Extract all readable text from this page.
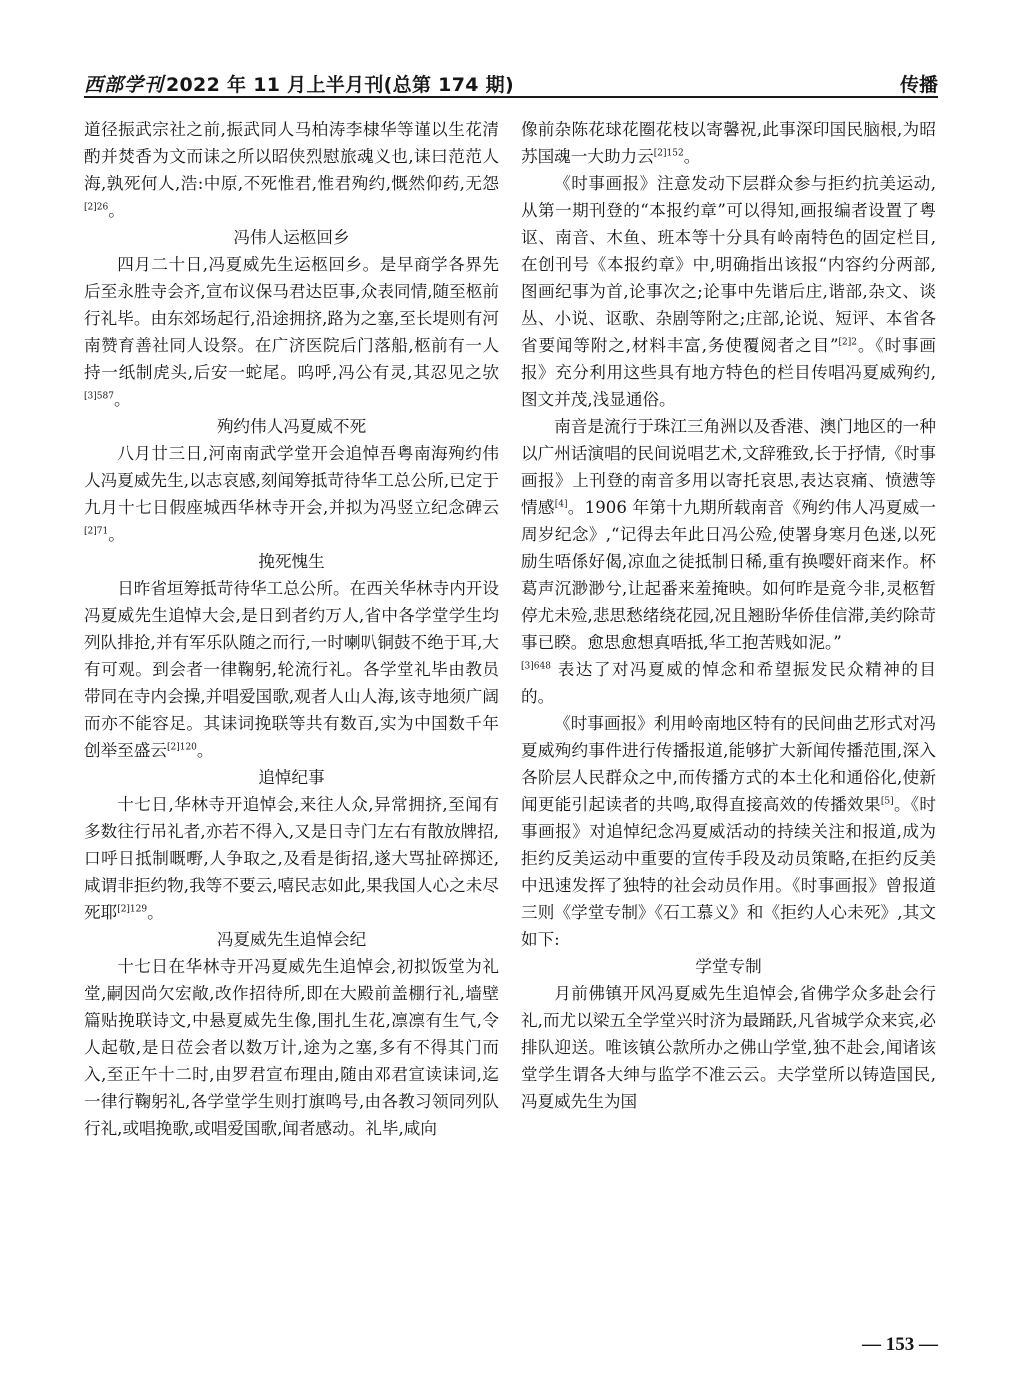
西部学刊 2022 年 11 月上半月刊(总第 174 期)	传播

道径振武宗社之前,振武同人马柏涛李棣华等谨以生花清酌并焚香为文而诔之所以昭侠烈慰旅魂义也,诔曰范范人海,孰死何人,浩:中原,不死惟君,惟君殉约,慨然仰药,无怨$^{[2]26}$。

冯伟人运柩回乡

四月二十日,冯夏威先生运柩回乡。是早商学各界先后至永胜寺会齐,宣布议保马君达臣事,众表同情,随至柩前行礼毕。由东郊场起行,沿途拥挤,路为之塞,至长堤则有河南赞育善社同人设祭。在广济医院后门落船,柩前有一人持一纸制虎头,后安一蛇尾。呜呼,冯公有灵,其忍见之欤$^{[3]587}$。

殉约伟人冯夏威不死

八月廿三日,河南南武学堂开会追悼吾粤南海殉约伟人冯夏威先生,以志哀感,刻闻筹抵苛待华工总公所,已定于九月十七日假座城西华林寺开会,并拟为冯竖立纪念碑云$^{[2]71}$。

挽死愧生

日昨省垣筹抵苛待华工总公所。在西关华林寺内开设冯夏威先生追悼大会,是日到者约万人,省中各学堂学生均列队排抢,并有军乐队随之而行,一时喇叭铜鼓不绝于耳,大有可观。到会者一律鞠躬,轮流行礼。各学堂礼毕由教员带同在寺内会操,并唱爱国歌,观者人山人海,该寺地须广阔而亦不能容足。其诔词挽联等共有数百,实为中国数千年创举至盛云$^{[2]120}$。

追悼纪事

十七日,华林寺开追悼会,来往人众,异常拥挤,至闻有多数往行吊礼者,亦若不得入,又是日寺门左右有散放牌招,口呼日抵制嘅嘢,人争取之,及看是街招,遂大骂扯碎掷还,咸谓非拒约物,我等不要云,嘻民志如此,果我国人心之未尽死耶$^{[2]129}$。

冯夏威先生追悼会纪

十七日在华林寺开冯夏威先生追悼会,初拟饭堂为礼堂,嗣因尚欠宏敞,改作招待所,即在大殿前盖棚行礼,墙壁篇贴挽联诗文,中悬夏威先生像,围扎生花,凛凛有生气,令人起敬,是日莅会者以数万计,途为之塞,多有不得其门而入,至正午十二时,由罗君宣布理由,随由邓君宣读诔词,迄一律行鞠躬礼,各学堂学生则打旗鸣号,由各教习领同列队行礼,或唱挽歌,或唱爱国歌,闻者感动。礼毕,咸向

像前杂陈花球花圈花枝以寄馨祝,此事深印国民脑根,为昭苏国魂一大助力云$^{[2]152}$。

《时事画报》注意发动下层群众参与拒约抗美运动,从第一期刊登的“本报约章”可以得知,画报编者设置了粤讴、南音、木鱼、班本等十分具有岭南特色的固定栏目,在创刊号《本报约章》中,明确指出该报“内容约分两部,图画纪事为首,论事次之;论事中先谐后庄,谐部,杂文、谈丛、小说、讴歌、杂剧等附之;庄部,论说、短评、本省各省要闻等附之,材料丰富,务使覆阅者之目”$^{[2]2}$。《时事画报》充分利用这些具有地方特色的栏目传唱冯夏威殉约,图文并茂,浅显通俗。

南音是流行于珠江三角洲以及香港、澳门地区的一种以广州话演唱的民间说唱艺术,文辞雅致,长于抒情,《时事画报》上刊登的南音多用以寄托哀思,表达哀痛、愤懑等情感[4]。1906 年第十九期所载南音《殉约伟人冯夏威一周岁纪念》,“记得去年此日冯公殓,使署身寒月色迷,以死励生唔係好偈,凉血之徒抵制日稀,重有换嘤奸商来作。杯葛声沉渺渺兮,让起番来羞掩映。如何昨是竟今非,灵柩暂停尤未殓,悲思愁绪绕花园,况且翘盼华侨佳信滞,美约除苛事已睽。愈思愈想真唔抵,华工抱苦贱如泥。”

$^{[3]648}$ 表达了对冯夏威的悼念和希望振发民众精神的目的。

《时事画报》利用岭南地区特有的民间曲艺形式对冯夏威殉约事件进行传播报道,能够扩大新闻传播范围,深入各阶层人民群众之中,而传播方式的本土化和通俗化,使新闻更能引起读者的共鸣,取得直接高效的传播效果[5]。《时事画报》对追悼纪念冯夏威活动的持续关注和报道,成为拒约反美运动中重要的宣传手段及动员策略,在拒约反美中迅速发挥了独特的社会动员作用。《时事画报》曾报道三则《学堂专制》《石工慕义》和《拒约人心未死》,其文如下:

学堂专制

月前佛镇开风冯夏威先生追悼会,省佛学众多赴会行礼,而尤以梁五全学堂兴时济为最踊跃,凡省城学众来宾,必排队迎送。唯该镇公款所办之佛山学堂,独不赴会,闻诸该堂学生谓各大绅与监学不准云云。夫学堂所以铸造国民,冯夏威先生为国

— 153 —
